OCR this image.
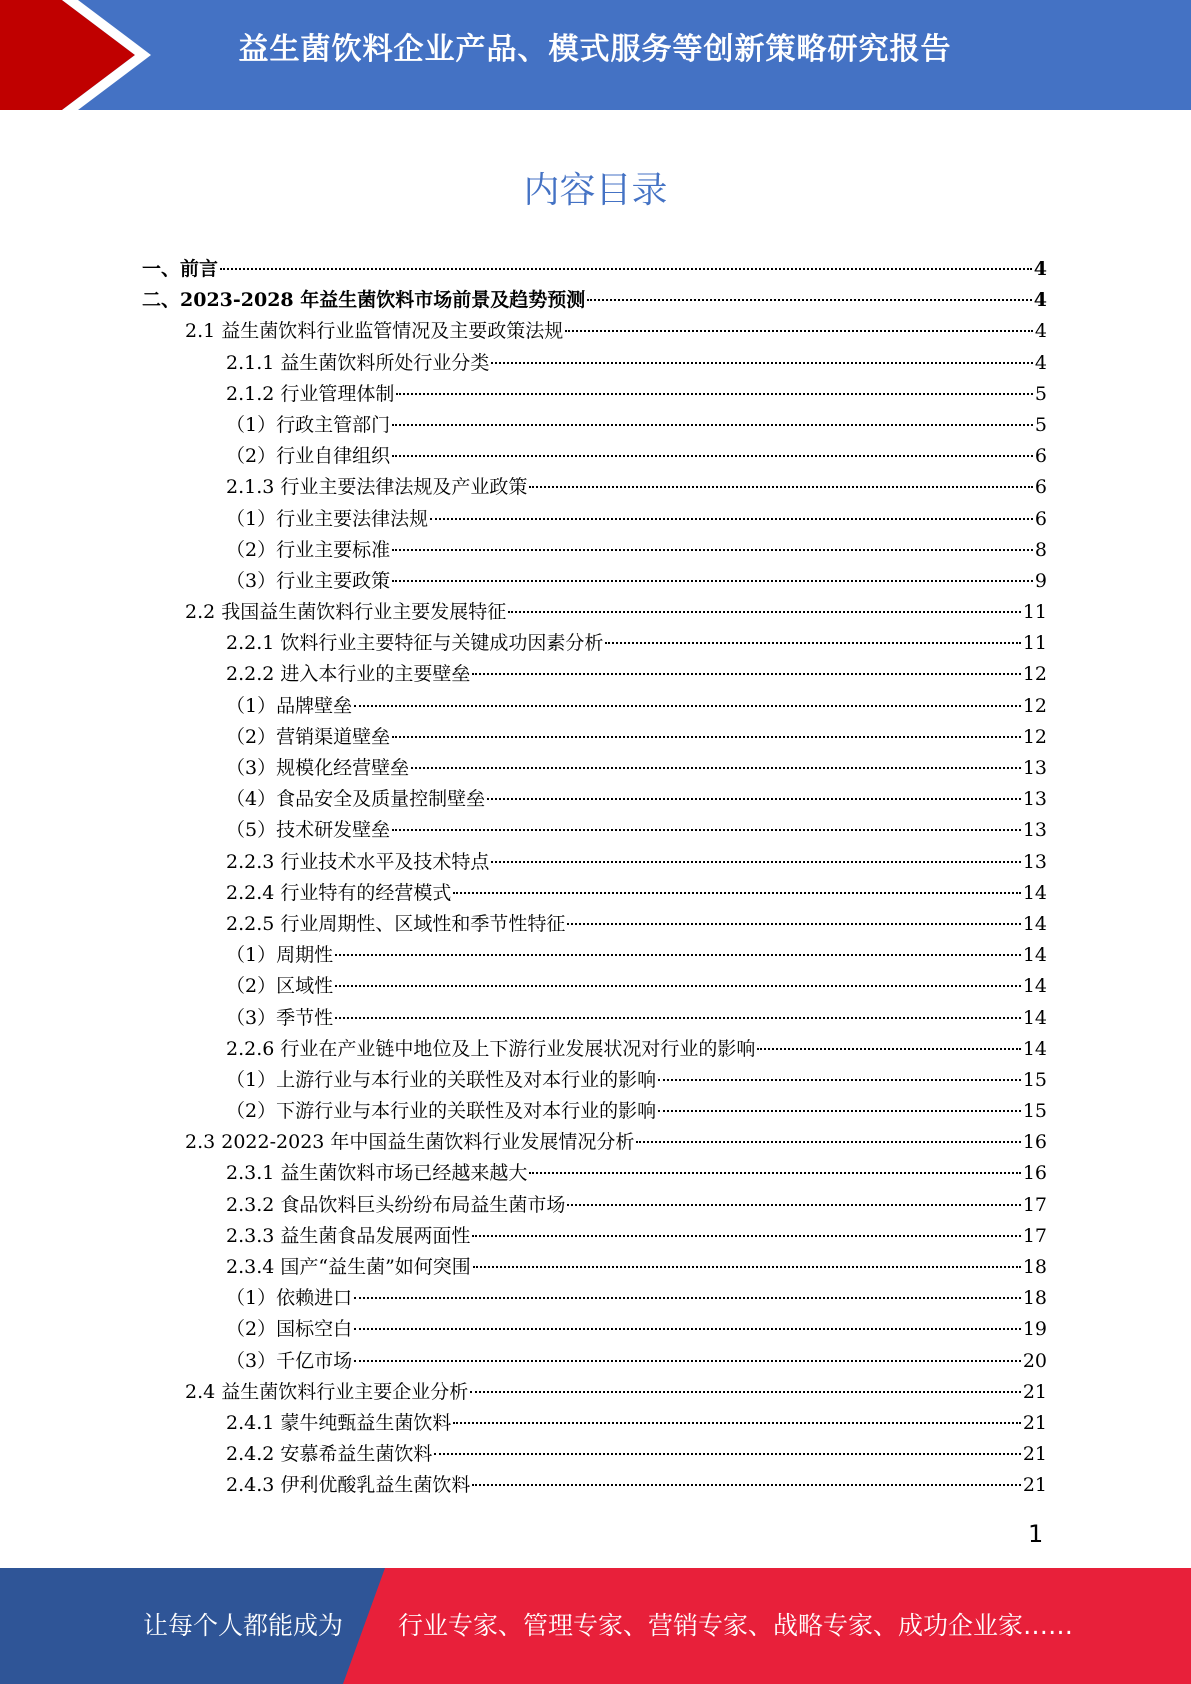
益生菌饮料企业产品、模式服务等创新策略研究报告
内容目录
一、前言	4
二、2023-2028 年益生菌饮料市场前景及趋势预测	4
2.1 益生菌饮料行业监管情况及主要政策法规	4
2.1.1 益生菌饮料所处行业分类	4
2.1.2 行业管理体制	5
（1）行政主管部门	5
（2）行业自律组织	6
2.1.3 行业主要法律法规及产业政策	6
（1）行业主要法律法规	6
（2）行业主要标准	8
（3）行业主要政策	9
2.2 我国益生菌饮料行业主要发展特征	11
2.2.1 饮料行业主要特征与关键成功因素分析	11
2.2.2 进入本行业的主要壁垒	12
（1）品牌壁垒	12
（2）营销渠道壁垒	12
（3）规模化经营壁垒	13
（4）食品安全及质量控制壁垒	13
（5）技术研发壁垒	13
2.2.3 行业技术水平及技术特点	13
2.2.4 行业特有的经营模式	14
2.2.5 行业周期性、区域性和季节性特征	14
（1）周期性	14
（2）区域性	14
（3）季节性	14
2.2.6 行业在产业链中地位及上下游行业发展状况对行业的影响	14
（1）上游行业与本行业的关联性及对本行业的影响	15
（2）下游行业与本行业的关联性及对本行业的影响	15
2.3 2022-2023 年中国益生菌饮料行业发展情况分析	16
2.3.1 益生菌饮料市场已经越来越大	16
2.3.2 食品饮料巨头纷纷布局益生菌市场	17
2.3.3 益生菌食品发展两面性	17
2.3.4 国产“益生菌”如何突围	18
（1）依赖进口	18
（2）国标空白	19
（3）千亿市场	20
2.4 益生菌饮料行业主要企业分析	21
2.4.1 蒙牛纯甄益生菌饮料	21
2.4.2 安慕希益生菌饮料	21
2.4.3 伊利优酸乳益生菌饮料	21
1
让每个人都能成为 行业专家、管理专家、营销专家、战略专家、成功企业家……
